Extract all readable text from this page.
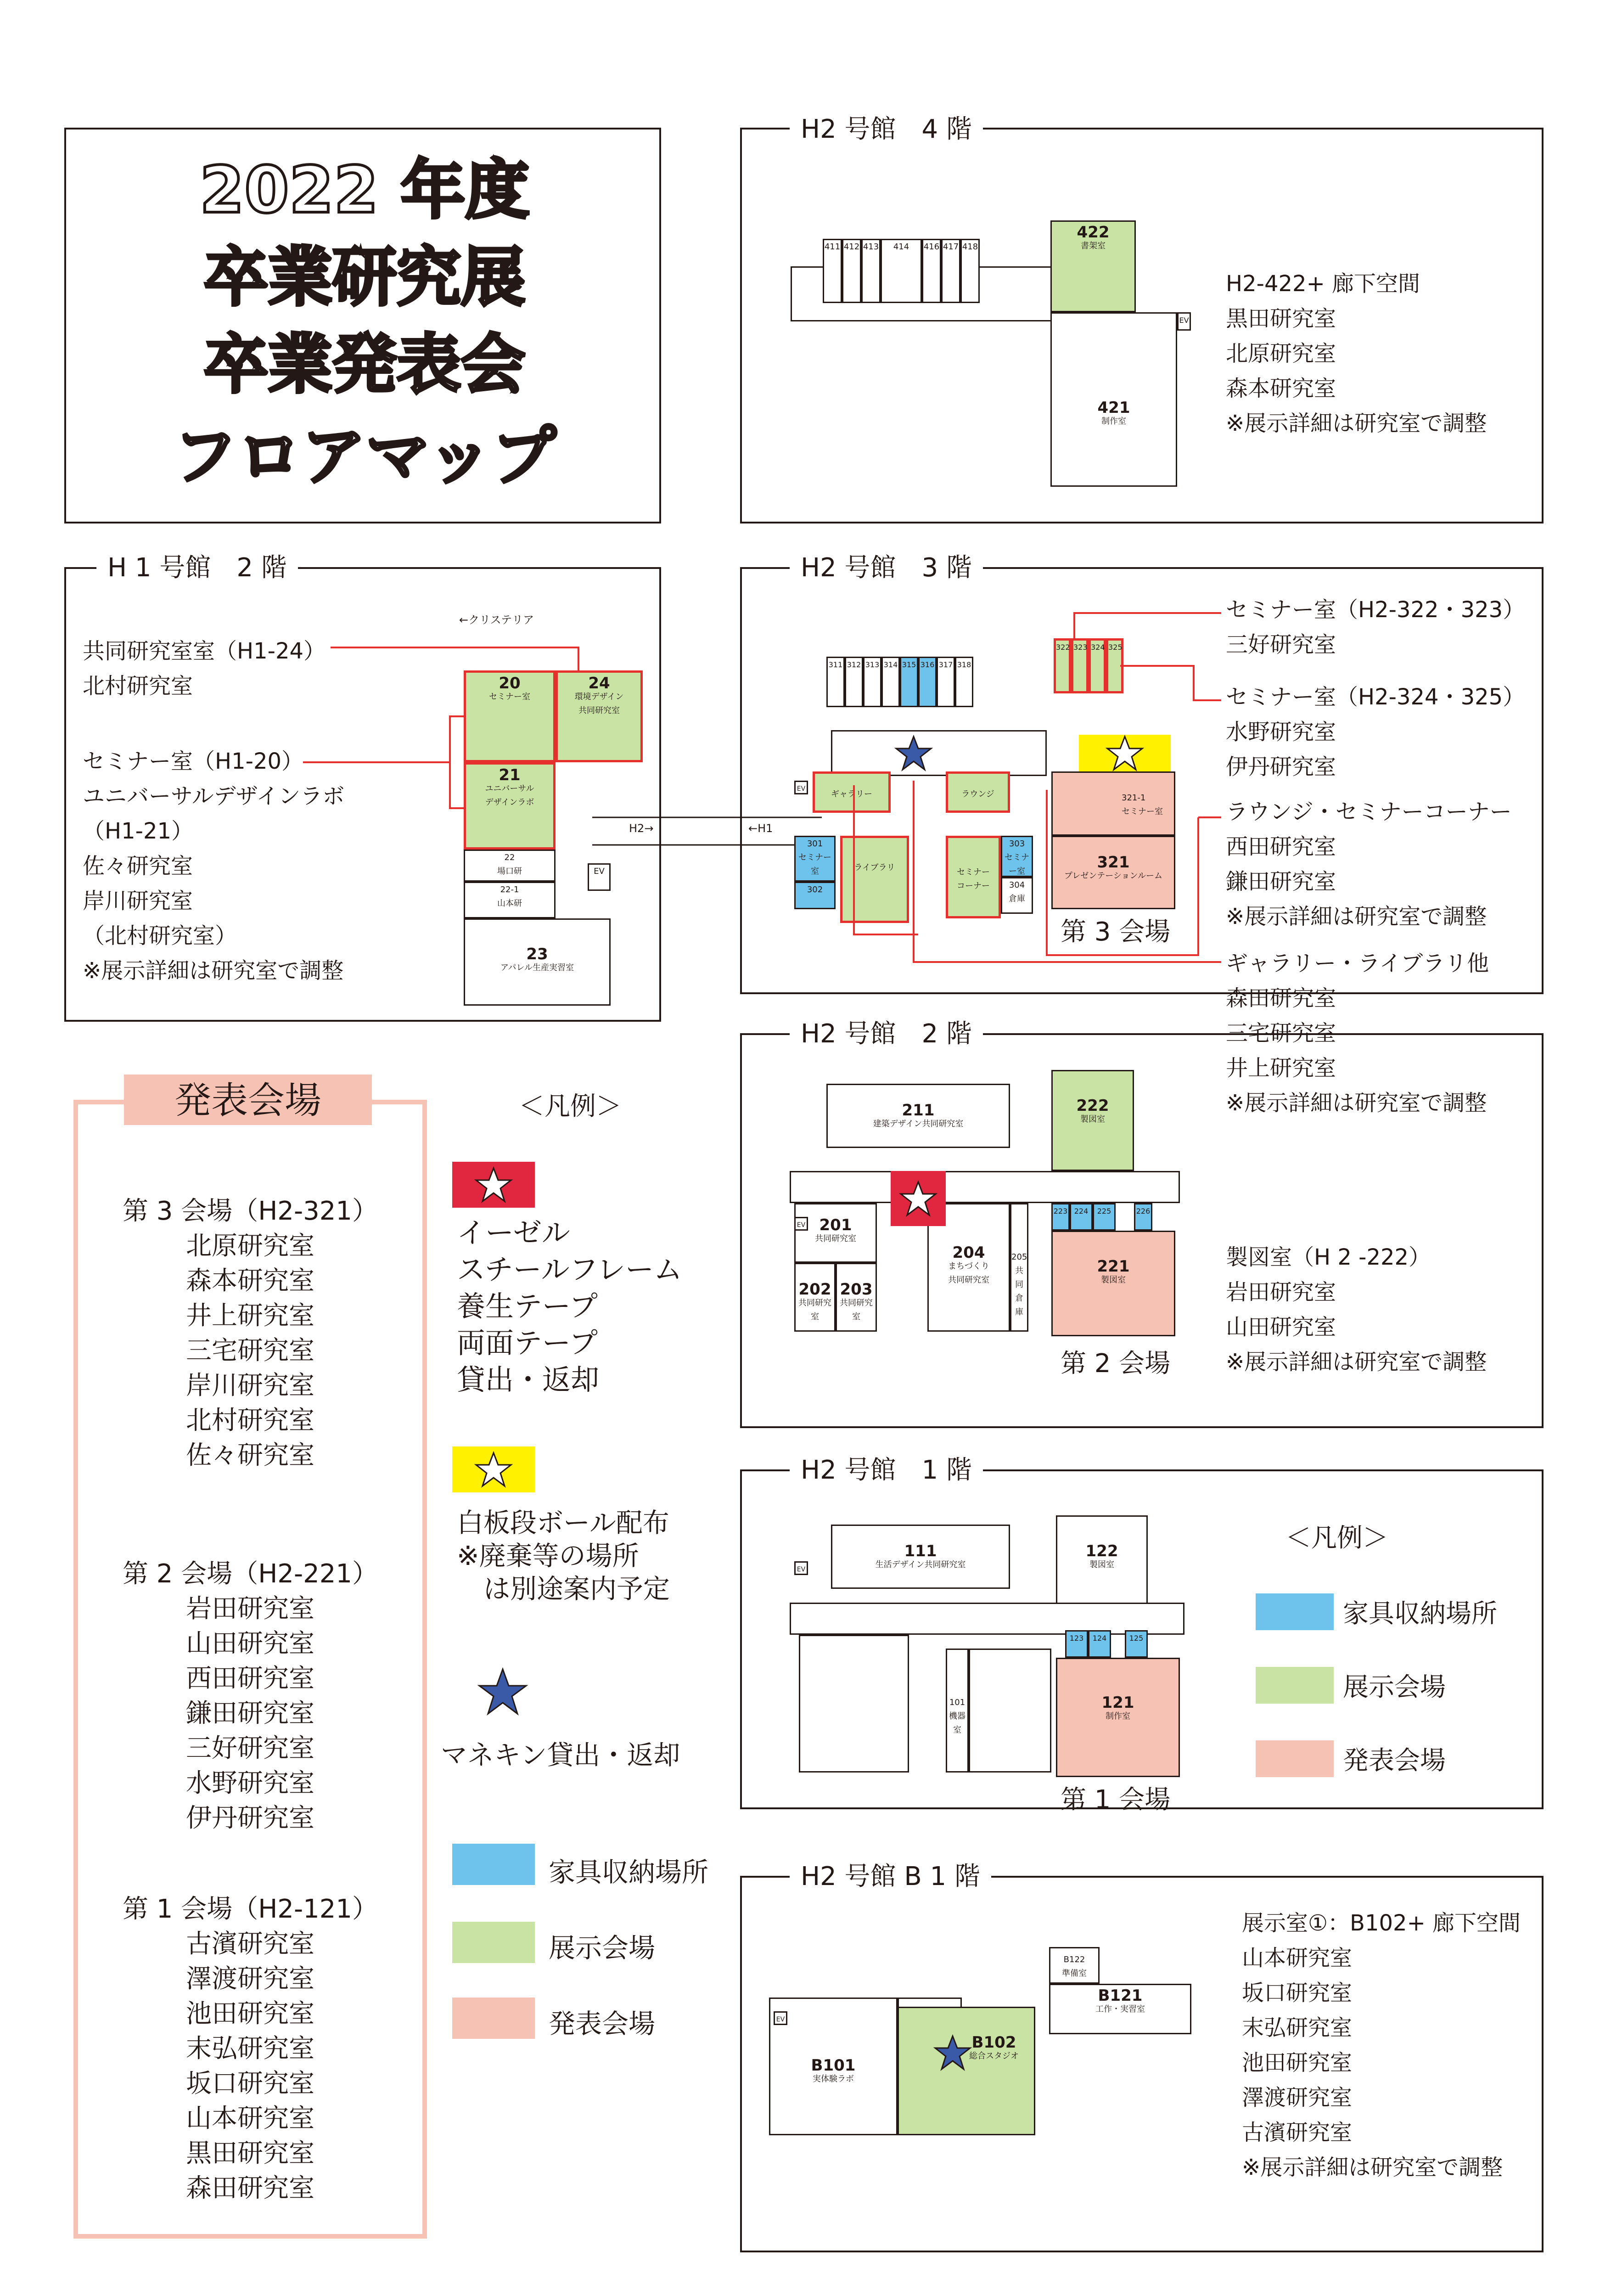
2022 年度
卒業研究展
卒業発表会
フロアマップ
H2 号館　4 階
411 412 413	414	416 417 418
422
書架室
421
制作室
EV
H2-422+ 廊下空間
黒田研究室
北原研究室
森本研究室
※展示詳細は研究室で調整
H 1 号館　2 階
←クリステリア
20
セミナー室
24
環境デザイン
共同研究室
21
ユニバーサル
デザインラボ
22
場口研
22-1
山本研
23
アパレル生産実習室
EV
H2→	←H1
共同研究室室（H1-24）
北村研究室
セミナー室（H1-20）
ユニバーサルデザインラボ
（H1-21）
佐々研究室
岸川研究室
（北村研究室）
※展示詳細は研究室で調整
H2 号館　3 階
311 312 313 314 315 316 317 318
322 323 324 325
ギャラリー	ラウンジ
301
セミナー室
302
ライブラリ	セミナー
コーナー
303
セミナー室
304
倉庫
321-1
セミナー室
321
プレゼンテーションルーム
EV
第 3 会場
セミナー室（H2-322・323）
三好研究室
セミナー室（H2-324・325）
水野研究室
伊丹研究室
ラウンジ・セミナーコーナー
西田研究室
鎌田研究室
※展示詳細は研究室で調整
ギャラリー・ライブラリ他
森田研究室
三宅研究室
井上研究室
※展示詳細は研究室で調整
H2 号館　2 階
211
建築デザイン共同研究室
222
製図室
201
共同研究室
202
共同研究室
203
共同研究室
204
まちづくり
共同研究室
205
共同倉庫
223 224	225	226
221
製図室
EV
第 2 会場
製図室（H 2 -222）
岩田研究室
山田研究室
※展示詳細は研究室で調整
H2 号館　1 階
111
生活デザイン共同研究室
122
製図室
101
機器室
123	124	125
121
制作室
EV
第 1 会場
＜凡例＞
家具収納場所
展示会場
発表会場
H2 号館 B 1 階
B122
準備室
B121
工作・実習室
B101
実体験ラボ
B102
総合スタジオ
EV
展示室①：B102+ 廊下空間
山本研究室
坂口研究室
末弘研究室
池田研究室
澤渡研究室
古濱研究室
※展示詳細は研究室で調整
発表会場
第 3 会場（H2-321）
北原研究室
森本研究室
井上研究室
三宅研究室
岸川研究室
北村研究室
佐々研究室
第 2 会場（H2-221）
岩田研究室
山田研究室
西田研究室
鎌田研究室
三好研究室
水野研究室
伊丹研究室
第 1 会場（H2-121）
古濱研究室
澤渡研究室
池田研究室
末弘研究室
坂口研究室
山本研究室
黒田研究室
森田研究室
＜凡例＞
イーゼル
スチールフレーム
養生テープ
両面テープ
貸出・返却
白板段ボール配布
※廃棄等の場所
　は別途案内予定
マネキン貸出・返却
家具収納場所
展示会場
発表会場
